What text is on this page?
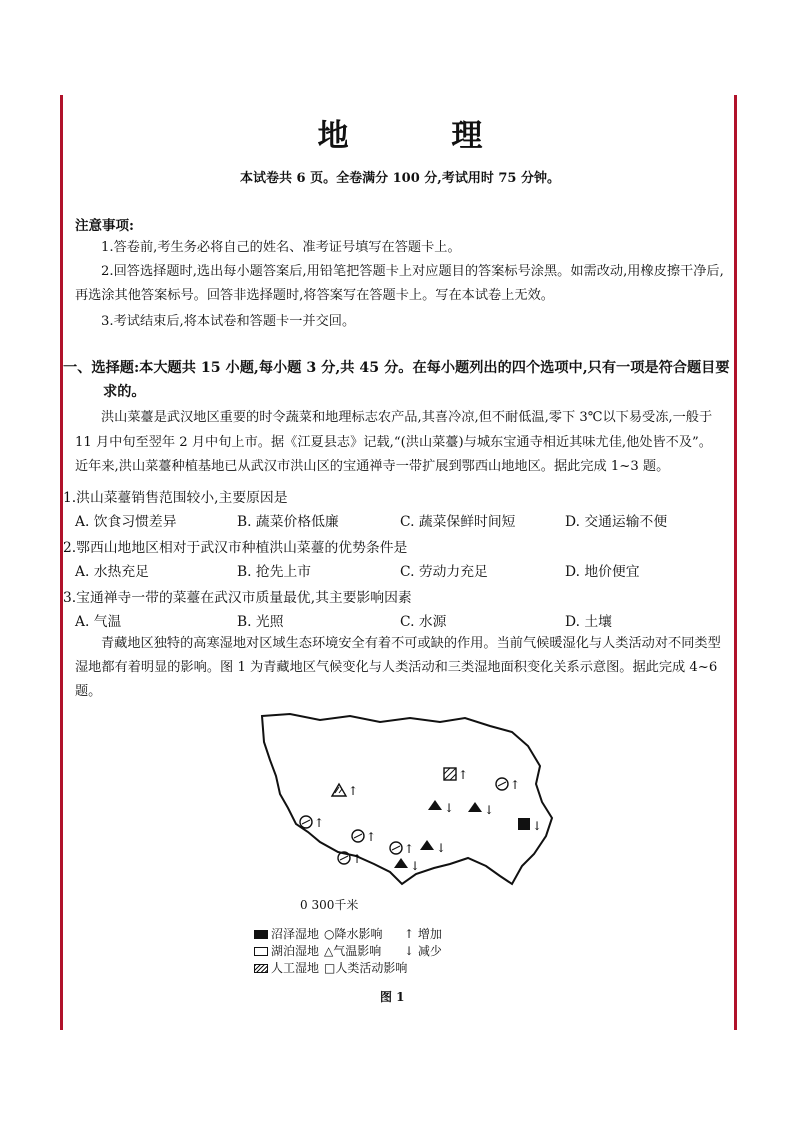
地 理
本试卷共 6 页。全卷满分 100 分,考试用时 75 分钟。
注意事项:
1.答卷前,考生务必将自己的姓名、准考证号填写在答题卡上。
2.回答选择题时,选出每小题答案后,用铅笔把答题卡上对应题目的答案标号涂黑。如需改动,用橡皮擦干净后,再选涂其他答案标号。回答非选择题时,将答案写在答题卡上。写在本试卷上无效。
3.考试结束后,将本试卷和答题卡一并交回。
一、选择题:本大题共 15 小题,每小题 3 分,共 45 分。在每小题列出的四个选项中,只有一项是符合题目要
求的。
洪山菜薹是武汉地区重要的时令蔬菜和地理标志农产品,其喜冷凉,但不耐低温,零下 3℃以下易受冻,一般于 11 月中旬至翌年 2 月中旬上市。据《江夏县志》记载,“(洪山菜薹)与城东宝通寺相近其味尤佳,他处皆不及”。近年来,洪山菜薹种植基地已从武汉市洪山区的宝通禅寺一带扩展到鄂西山地地区。据此完成 1~3 题。
1.洪山菜薹销售范围较小,主要原因是
A. 饮食习惯差异	B. 蔬菜价格低廉	C. 蔬菜保鲜时间短	D. 交通运输不便
2.鄂西山地地区相对于武汉市种植洪山菜薹的优势条件是
A. 水热充足	B. 抢先上市	C. 劳动力充足	D. 地价便宜
3.宝通禅寺一带的菜薹在武汉市质量最优,其主要影响因素
A. 气温	B. 光照	C. 水源	D. 土壤
青藏地区独特的高寒湿地对区域生态环境安全有着不可或缺的作用。当前气候暖湿化与人类活动对不同类型湿地都有着明显的影响。图 1 为青藏地区气候变化与人类活动和三类湿地面积变化关系示意图。据此完成 4~6 题。
↑
↑
↑
↓ ↓
↓
↑
↑
↑ ↓
↓
↑
0 300千米
沼泽湿地 ○降水影响 ↑ 增加
湖泊湿地 △气温影响 ↓ 减少
人工湿地 □人类活动影响
图 1
